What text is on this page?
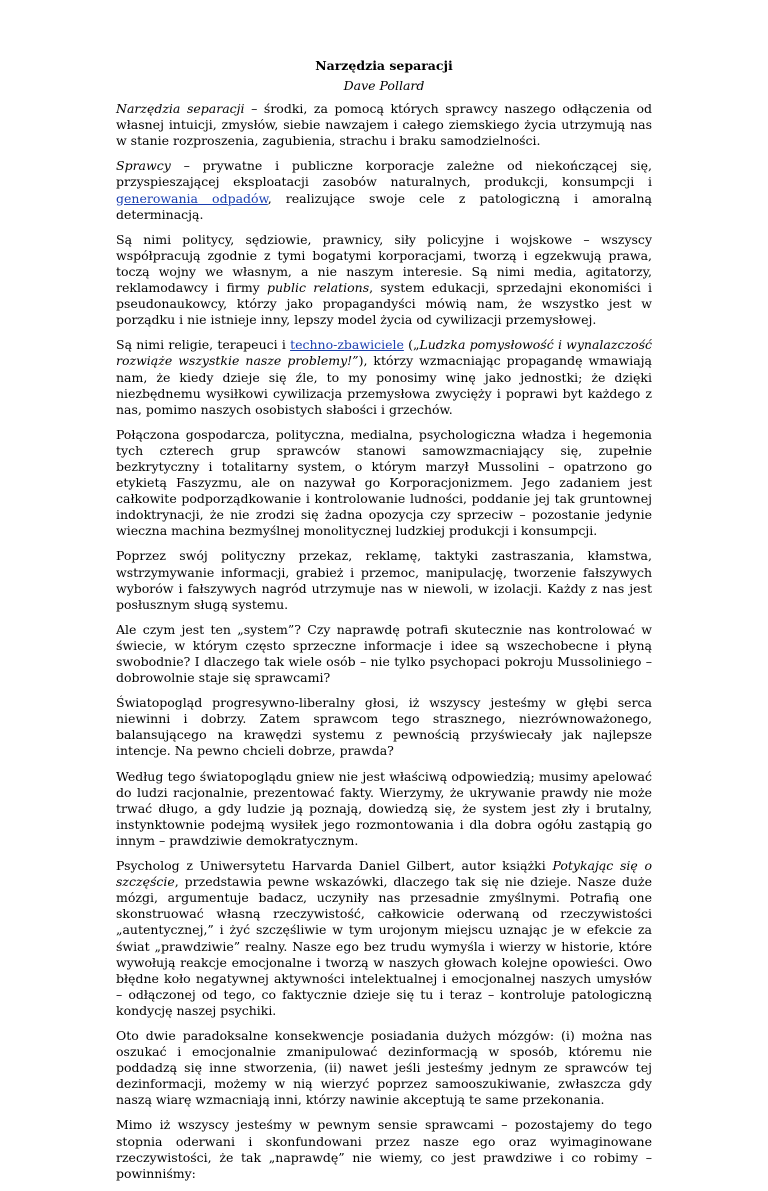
Narzędzia separacji
Dave Pollard

Narzędzia separacji – środki, za pomocą których sprawcy naszego odłączenia od własnej intuicji, zmysłów, siebie nawzajem i całego ziemskiego życia utrzymują nas w stanie rozproszenia, zagubienia, strachu i braku samodzielności.

Sprawcy – prywatne i publiczne korporacje zależne od niekończącej się, przyspieszającej eksploatacji zasobów naturalnych, produkcji, konsumpcji i generowania odpadów, realizujące swoje cele z patologiczną i amoralną determinacją.

Są nimi politycy, sędziowie, prawnicy, siły policyjne i wojskowe – wszyscy współpracują zgodnie z tymi bogatymi korporacjami, tworzą i egzekwują prawa, toczą wojny we własnym, a nie naszym interesie. Są nimi media, agitatorzy, reklamodawcy i firmy public relations, system edukacji, sprzedajni ekonomiści i pseudonaukowcy, którzy jako propagandyści mówią nam, że wszystko jest w porządku i nie istnieje inny, lepszy model życia od cywilizacji przemysłowej.

Są nimi religie, terapeuci i techno-zbawiciele („Ludzka pomysłowość i wynalazczość rozwiąże wszystkie nasze problemy!”), którzy wzmacniając propagandę wmawiają nam, że kiedy dzieje się źle, to my ponosimy winę jako jednostki; że dzięki niezbędnemu wysiłkowi cywilizacja przemysłowa zwycięży i poprawi byt każdego z nas, pomimo naszych osobistych słabości i grzechów.

Połączona gospodarcza, polityczna, medialna, psychologiczna władza i hegemonia tych czterech grup sprawców stanowi samowzmacniający się, zupełnie bezkrytyczny i totalitarny system, o którym marzył Mussolini – opatrzono go etykietą Faszyzmu, ale on nazywał go Korporacjonizmem. Jego zadaniem jest całkowite podporządkowanie i kontrolowanie ludności, poddanie jej tak gruntownej indoktrynacji, że nie zrodzi się żadna opozycja czy sprzeciw – pozostanie jedynie wieczna machina bezmyślnej monolitycznej ludzkiej produkcji i konsumpcji.

Poprzez swój polityczny przekaz, reklamę, taktyki zastraszania, kłamstwa, wstrzymywanie informacji, grabież i przemoc, manipulację, tworzenie fałszywych wyborów i fałszywych nagród utrzymuje nas w niewoli, w izolacji. Każdy z nas jest posłusznym sługą systemu.

Ale czym jest ten „system”? Czy naprawdę potrafi skutecznie nas kontrolować w świecie, w którym często sprzeczne informacje i idee są wszechobecne i płyną swobodnie? I dlaczego tak wiele osób – nie tylko psychopaci pokroju Mussoliniego – dobrowolnie staje się sprawcami?

Światopogląd progresywno-liberalny głosi, iż wszyscy jesteśmy w głębi serca niewinni i dobrzy. Zatem sprawcom tego strasznego, niezrównoważonego, balansującego na krawędzi systemu z pewnością przyświecały jak najlepsze intencje. Na pewno chcieli dobrze, prawda?

Według tego światopoglądu gniew nie jest właściwą odpowiedzią; musimy apelować do ludzi racjonalnie, prezentować fakty. Wierzymy, że ukrywanie prawdy nie może trwać długo, a gdy ludzie ją poznają, dowiedzą się, że system jest zły i brutalny, instynktownie podejmą wysiłek jego rozmontowania i dla dobra ogółu zastąpią go innym – prawdziwie demokratycznym.

Psycholog z Uniwersytetu Harvarda Daniel Gilbert, autor książki Potykając się o szczęście, przedstawia pewne wskazówki, dlaczego tak się nie dzieje. Nasze duże mózgi, argumentuje badacz, uczyniły nas przesadnie zmyślnymi. Potrafią one skonstruować własną rzeczywistość, całkowicie oderwaną od rzeczywistości „autentycznej,” i żyć szczęśliwie w tym urojonym miejscu uznając je w efekcie za świat „prawdziwie” realny. Nasze ego bez trudu wymyśla i wierzy w historie, które wywołują reakcje emocjonalne i tworzą w naszych głowach kolejne opowieści. Owo błędne koło negatywnej aktywności intelektualnej i emocjonalnej naszych umysłów – odłączonej od tego, co faktycznie dzieje się tu i teraz – kontroluje patologiczną kondycję naszej psychiki.

Oto dwie paradoksalne konsekwencje posiadania dużych mózgów: (i) można nas oszukać i emocjonalnie zmanipulować dezinformacją w sposób, któremu nie poddadzą się inne stworzenia, (ii) nawet jeśli jesteśmy jednym ze sprawców tej dezinformacji, możemy w nią wierzyć poprzez samooszukiwanie, zwłaszcza gdy naszą wiarę wzmacniają inni, którzy nawinie akceptują te same przekonania.

Mimo iż wszyscy jesteśmy w pewnym sensie sprawcami – pozostajemy do tego stopnia oderwani i skonfundowani przez nasze ego oraz wyimaginowane rzeczywistości, że tak „naprawdę” nie wiemy, co jest prawdziwe i co robimy – powinniśmy:
